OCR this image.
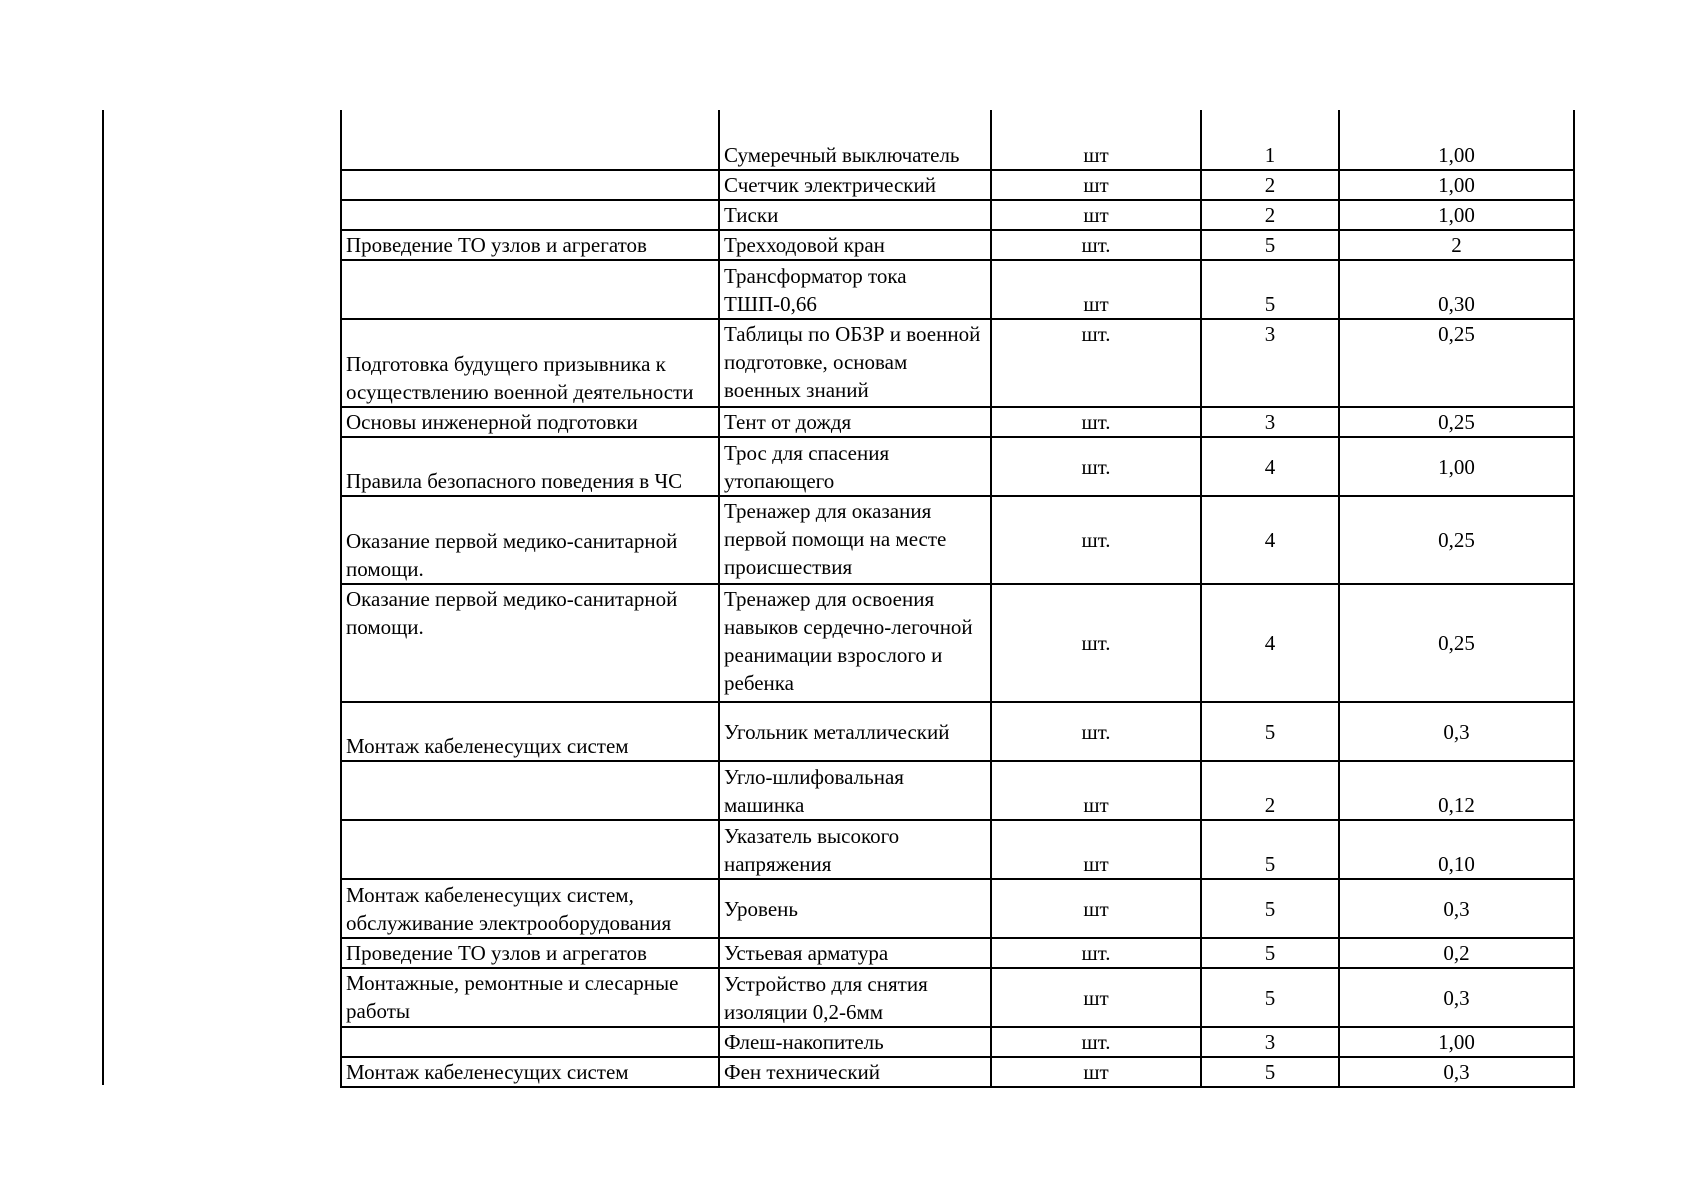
	Сумеречный выключатель	шт	1	1,00
	Счетчик электрический	шт	2	1,00
	Тиски	шт	2	1,00
Проведение ТО узлов и агрегатов	Трехходовой кран	шт.	5	2
	Трансформатор тока ТШП-0,66	шт	5	0,30
Подготовка будущего призывника к осуществлению военной деятельности	Таблицы по ОБЗР и военной подготовке, основам военных знаний	шт.	3	0,25
Основы инженерной подготовки	Тент от дождя	шт.	3	0,25
Правила безопасного поведения в ЧС	Трос для спасения утопающего	шт.	4	1,00
Оказание первой медико-санитарной помощи.	Тренажер для оказания первой помощи на месте происшествия	шт.	4	0,25
Оказание первой медико-санитарной помощи.	Тренажер для освоения навыков сердечно-легочной реанимации взрослого и ребенка	шт.	4	0,25
Монтаж кабеленесущих систем	Угольник металлический	шт.	5	0,3
	Угло-шлифовальная машинка	шт	2	0,12
	Указатель высокого напряжения	шт	5	0,10
Монтаж кабеленесущих систем, обслуживание электрооборудования	Уровень	шт	5	0,3
Проведение ТО узлов и агрегатов	Устьевая арматура	шт.	5	0,2
Монтажные, ремонтные и слесарные работы	Устройство для снятия изоляции 0,2-6мм	шт	5	0,3
	Флеш-накопитель	шт.	3	1,00
Монтаж кабеленесущих систем	Фен технический	шт	5	0,3
